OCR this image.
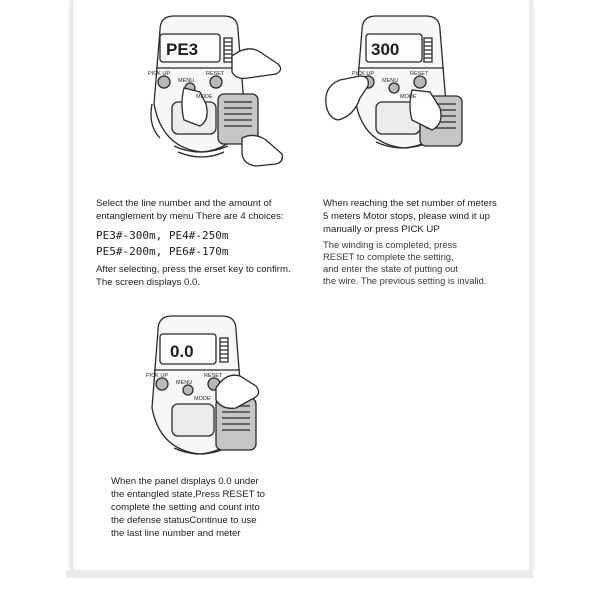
PE3
PICK UP	RESET
MENU
MODE
300
PICK UP	RESET
MENU
MODE
0.0
PICK UP	RESET
MENU
MODE
Select the line number and the amount of
entanglement by menu There are 4 choices:
PE3#-300m, PE4#-250m
PE5#-200m, PE6#-170m
After selecting, press the erset key to confirm.
The screen displays 0.0.
When reaching the set number of meters
5 meters Motor stops, please wind it up
manually or press PICK UP
The winding is completed, press
RESET to complete the setting,
and enter the state of putting out
the wire. The previous setting is invalid.
When the panel displays 0.0 under
the entangled state,Press RESET to
complete the setting and count into
the defense statusContinue to use
the last line number and meter
